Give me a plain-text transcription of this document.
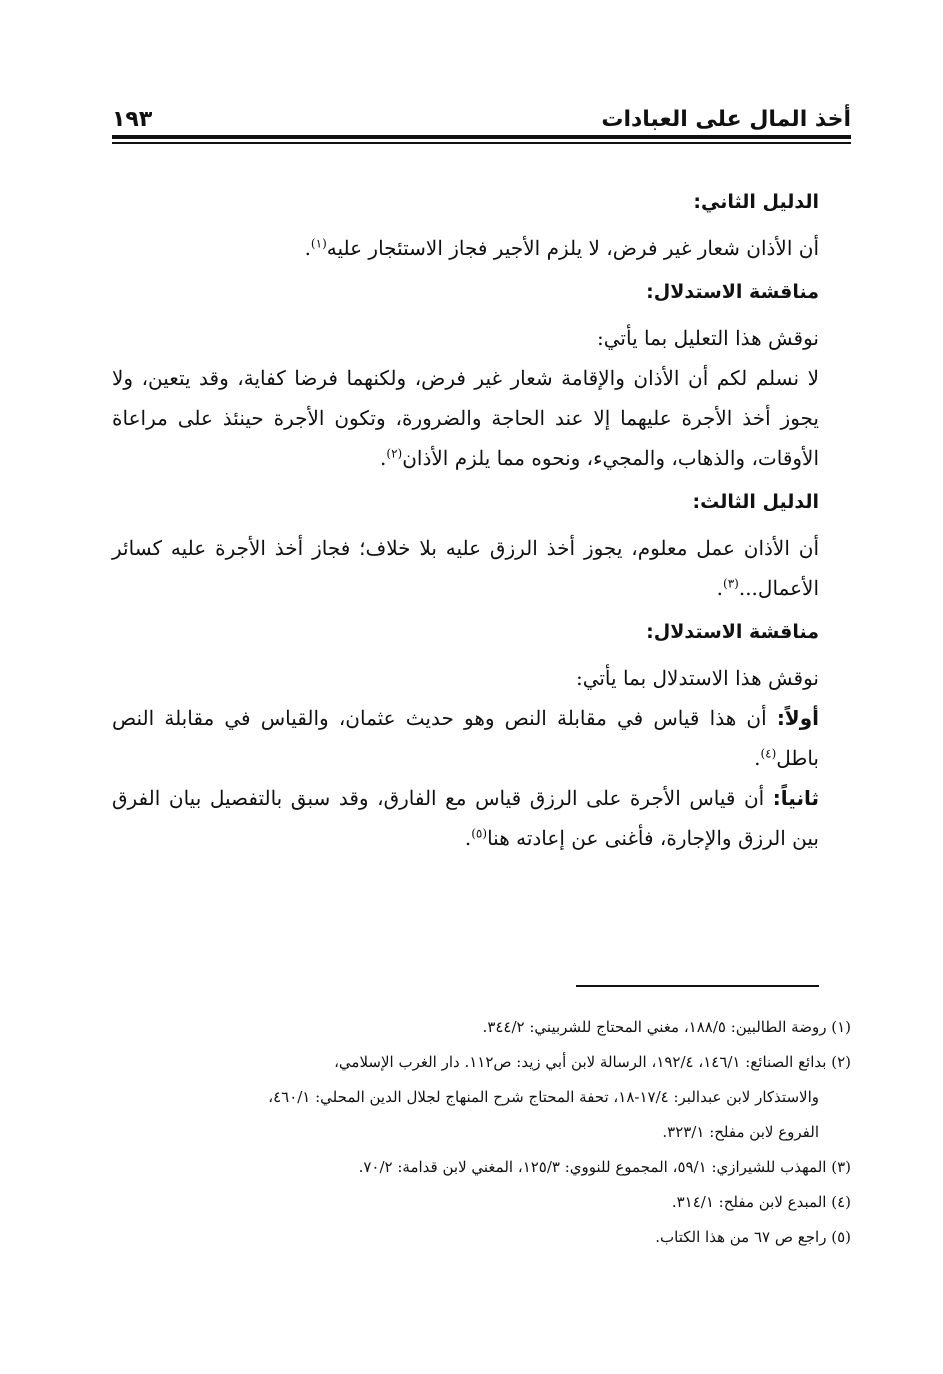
١٩٣	أخذ المال على العبادات

الدليل الثاني:

أن الأذان شعار غير فرض، لا يلزم الأجير فجاز الاستئجار عليه$^{(١)}$.

مناقشة الاستدلال:

نوقش هذا التعليل بما يأتي:

لا نسلم لكم أن الأذان والإقامة شعار غير فرض، ولكنهما فرضا كفاية، وقد يتعين، ولا يجوز أخذ الأجرة عليهما إلا عند الحاجة والضرورة، وتكون الأجرة حينئذ على مراعاة الأوقات، والذهاب، والمجيء، ونحوه مما يلزم الأذان$^{(٢)}$.

الدليل الثالث:

أن الأذان عمل معلوم، يجوز أخذ الرزق عليه بلا خلاف؛ فجاز أخذ الأجرة عليه كسائر الأعمال...$^{(٣)}$.

مناقشة الاستدلال:

نوقش هذا الاستدلال بما يأتي:

أولاً: أن هذا قياس في مقابلة النص وهو حديث عثمان، والقياس في مقابلة النص باطل$^{(٤)}$.

ثانياً: أن قياس الأجرة على الرزق قياس مع الفارق، وقد سبق بالتفصيل بيان الفرق بين الرزق والإجارة، فأغنى عن إعادته هنا$^{(٥)}$.

(١) روضة الطالبين: ١٨٨/٥، مغني المحتاج للشربيني: ٣٤٤/٢.

(٢) بدائع الصنائع: ١٤٦/١، ١٩٢/٤، الرسالة لابن أبي زيد: ص١١٢. دار الغرب الإسلامي،

والاستذكار لابن عبدالبر: ١٧/٤-١٨، تحفة المحتاج شرح المنهاج لجلال الدين المحلي: ٤٦٠/١،

الفروع لابن مفلح: ٣٢٣/١.

(٣) المهذب للشيرازي: ٥٩/١، المجموع للنووي: ١٢٥/٣، المغني لابن قدامة: ٧٠/٢.

(٤) المبدع لابن مفلح: ٣١٤/١.

(٥) راجع ص ٦٧ من هذا الكتاب.
